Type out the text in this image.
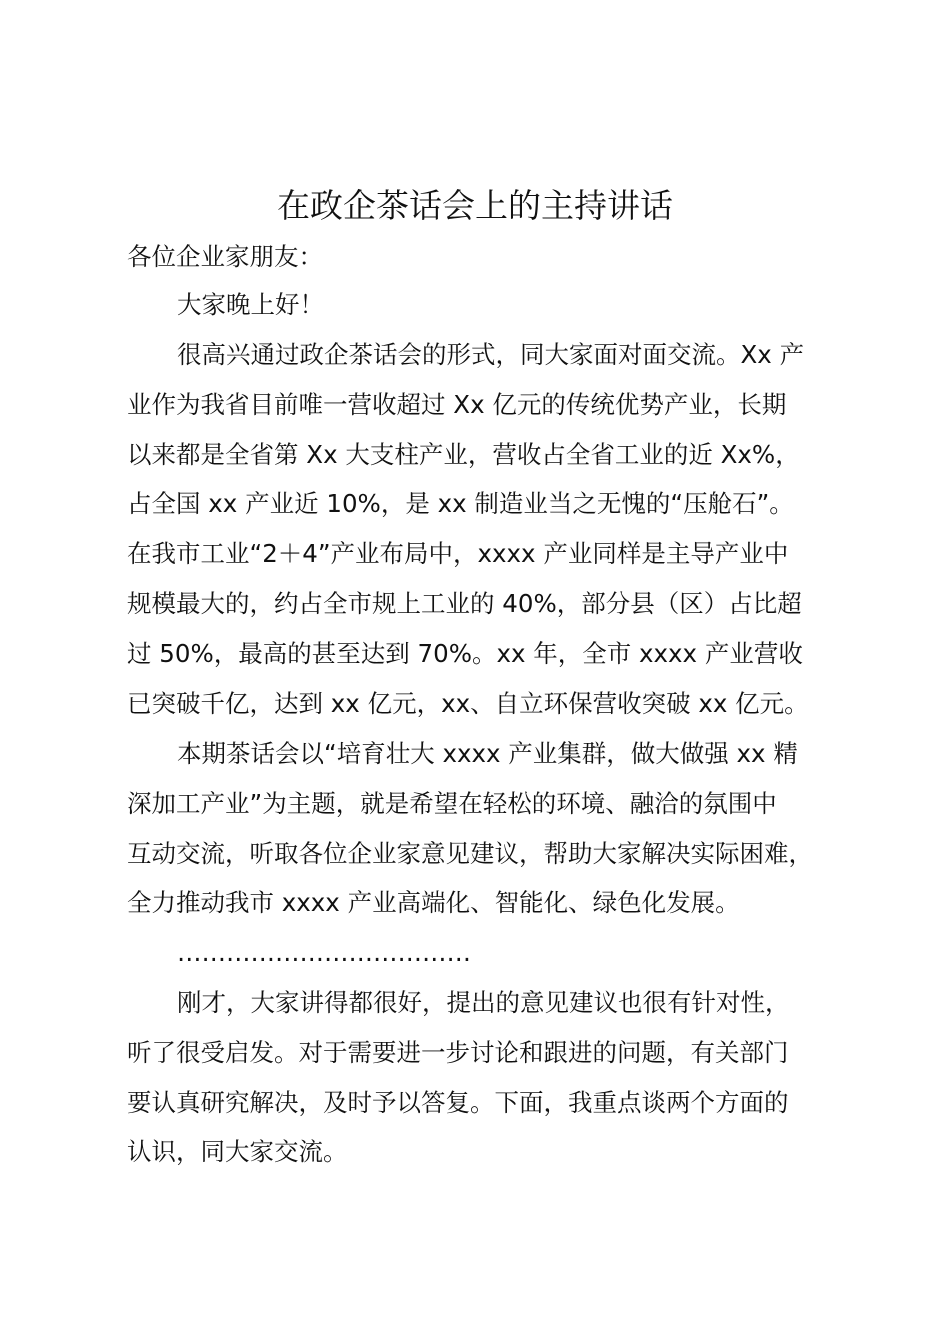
在政企茶话会上的主持讲话

各位企业家朋友：

大家晚上好！

很高兴通过政企茶话会的形式，同大家面对面交流。Xx 产
业作为我省目前唯一营收超过 Xx 亿元的传统优势产业，长期
以来都是全省第 Xx 大支柱产业，营收占全省工业的近 Xx%，
占全国 xx 产业近 10%，是 xx 制造业当之无愧的“压舱石”。
在我市工业“2＋4”产业布局中，xxxx 产业同样是主导产业中
规模最大的，约占全市规上工业的 40%，部分县（区）占比超
过 50%，最高的甚至达到 70%。xx 年，全市 xxxx 产业营收
已突破千亿，达到 xx 亿元，xx、自立环保营收突破 xx 亿元。

本期茶话会以“培育壮大 xxxx 产业集群，做大做强 xx 精
深加工产业”为主题，就是希望在轻松的环境、融洽的氛围中
互动交流，听取各位企业家意见建议，帮助大家解决实际困难，
全力推动我市 xxxx 产业高端化、智能化、绿色化发展。

………………………………

刚才，大家讲得都很好，提出的意见建议也很有针对性，
听了很受启发。对于需要进一步讨论和跟进的问题，有关部门
要认真研究解决，及时予以答复。下面，我重点谈两个方面的
认识，同大家交流。
